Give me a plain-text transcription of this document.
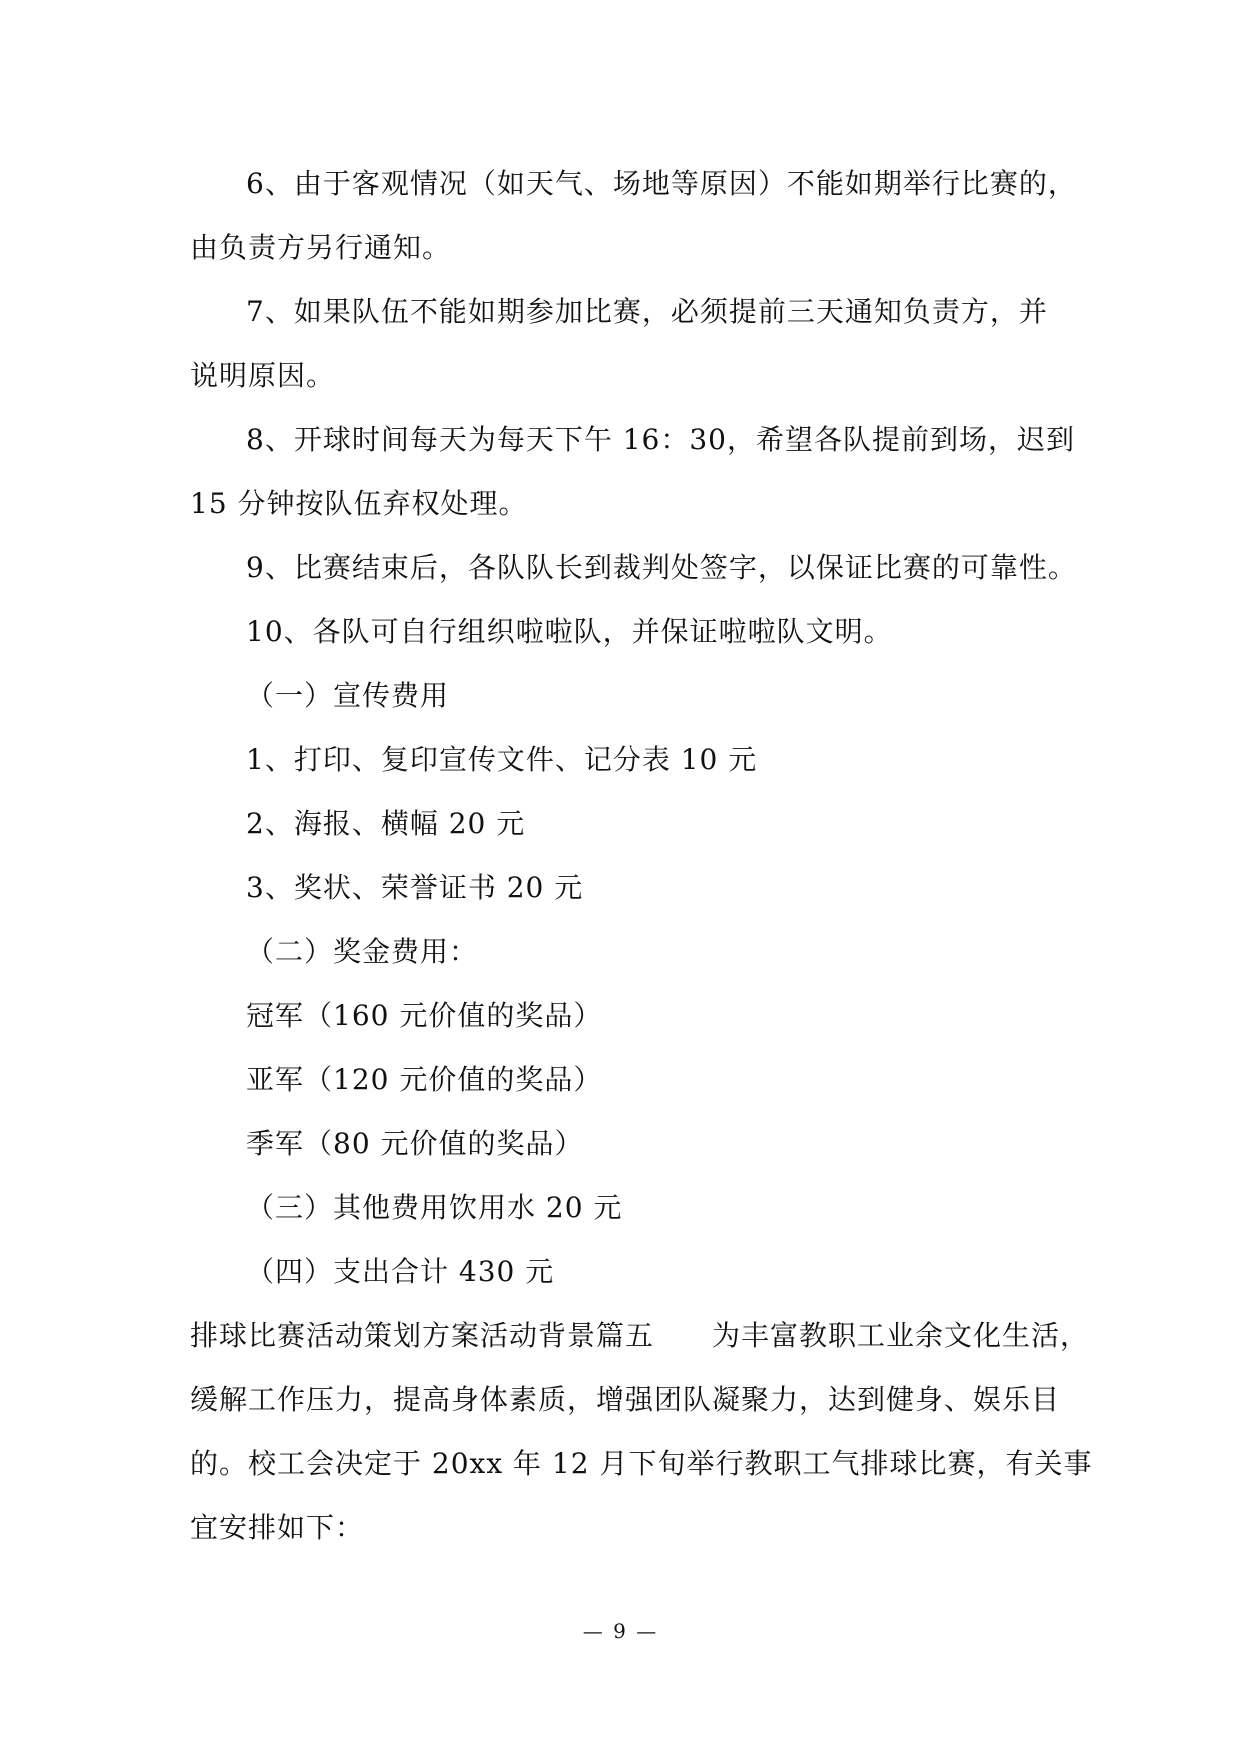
6、由于客观情况（如天气、场地等原因）不能如期举行比赛的，
由负责方另行通知。
7、如果队伍不能如期参加比赛，必须提前三天通知负责方，并
说明原因。
8、开球时间每天为每天下午 16：30，希望各队提前到场，迟到
15 分钟按队伍弃权处理。
9、比赛结束后，各队队长到裁判处签字，以保证比赛的可靠性。
10、各队可自行组织啦啦队，并保证啦啦队文明。
（一）宣传费用
1、打印、复印宣传文件、记分表 10 元
2、海报、横幅 20 元
3、奖状、荣誉证书 20 元
（二）奖金费用：
冠军（160 元价值的奖品）
亚军（120 元价值的奖品）
季军（80 元价值的奖品）
（三）其他费用饮用水 20 元
（四）支出合计 430 元
排球比赛活动策划方案活动背景篇五　　为丰富教职工业余文化生活，
缓解工作压力，提高身体素质，增强团队凝聚力，达到健身、娱乐目
的。校工会决定于 20xx 年 12 月下旬举行教职工气排球比赛，有关事
宜安排如下：
— 9 —
